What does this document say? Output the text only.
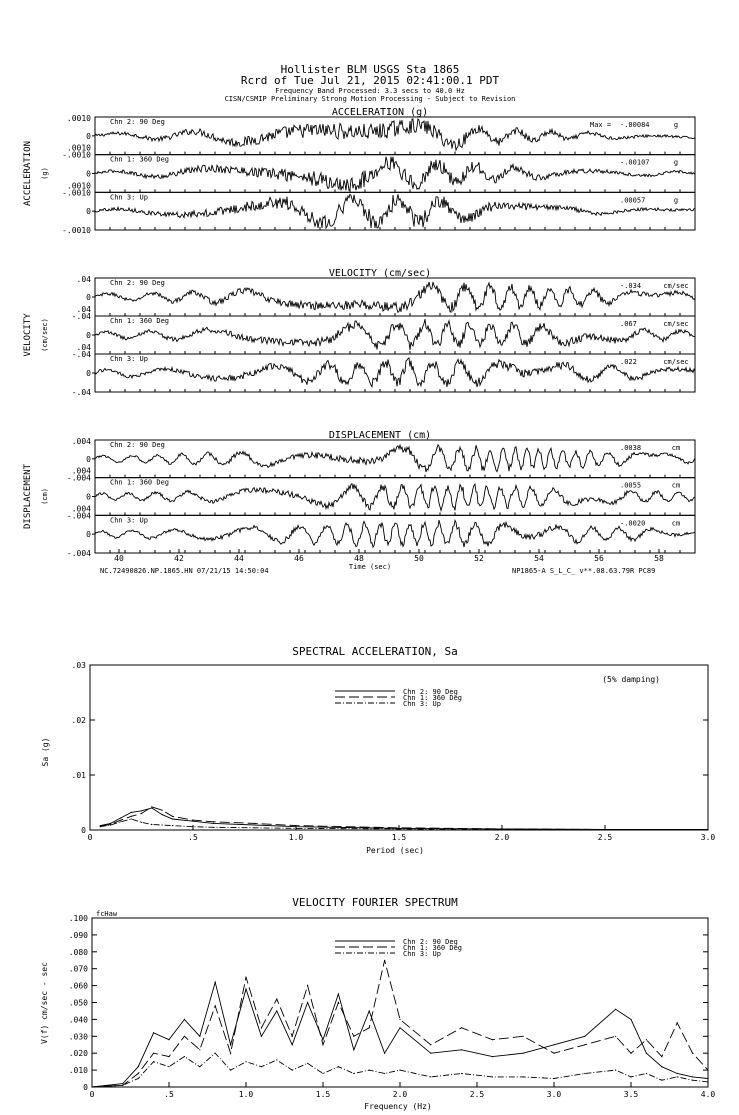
Hollister BLM USGS Sta 1865
Rcrd of Tue Jul 21, 2015 02:41:00.1 PDT
Frequency Band Processed: 3.3 secs to 40.0 Hz
CISN/CSMIP Preliminary Strong Motion Processing - Subject to Revision
ACCELERATION (g)
ACCELERATION (g)
Chn 2: 90 Deg	Max = -.00084	g
0
.0010
-.0010
.0010
Chn 1: 360 Deg	-.00107	g
0
-.0010
.0010
Chn 3: Up	.00057	g
0
-.0010
VELOCITY (cm/sec)
VELOCITY (cm/sec)
Chn 2: 90 Deg	-.034	cm/sec
0
.04
-.04
.04
Chn 1: 360 Deg	.067	cm/sec
0
-.04
.04
Chn 3: Up	.022	cm/sec
0
-.04
DISPLACEMENT (cm)
DISPLACEMENT (cm)
Chn 2: 90 Deg	.0038	cm
0
.004
-.004
.004
Chn 1: 360 Deg	.0055	cm
0
-.004
.004
Chn 3: Up	-.0020	cm
0
-.004
Time (sec)
40	42	44	46	48	50	52	54	56	58
NC.72490826.NP.1865.HN 07/21/15 14:50:04	NP1865-A S_L_C_ v**.08.63.79R PC89
SPECTRAL ACCELERATION, Sa
Period (sec)
Sa (g)
(5% damping)
0	.5	1.0	1.5	2.0	2.5	3.0
0
.01
.02
.03
Chn 2: 90 Deg
Chn 1: 360 Deg
Chn 3: Up
VELOCITY FOURIER SPECTRUM
fcHaw
Frequency (Hz)
V(f) cm/sec - sec
0	.5	1.0	1.5	2.0	2.5	3.0	3.5	4.0
0
.010
.020
.030
.040
.050
.060
.070
.080
.090
.100
Chn 2: 90 Deg
Chn 1: 360 Deg
Chn 3: Up
